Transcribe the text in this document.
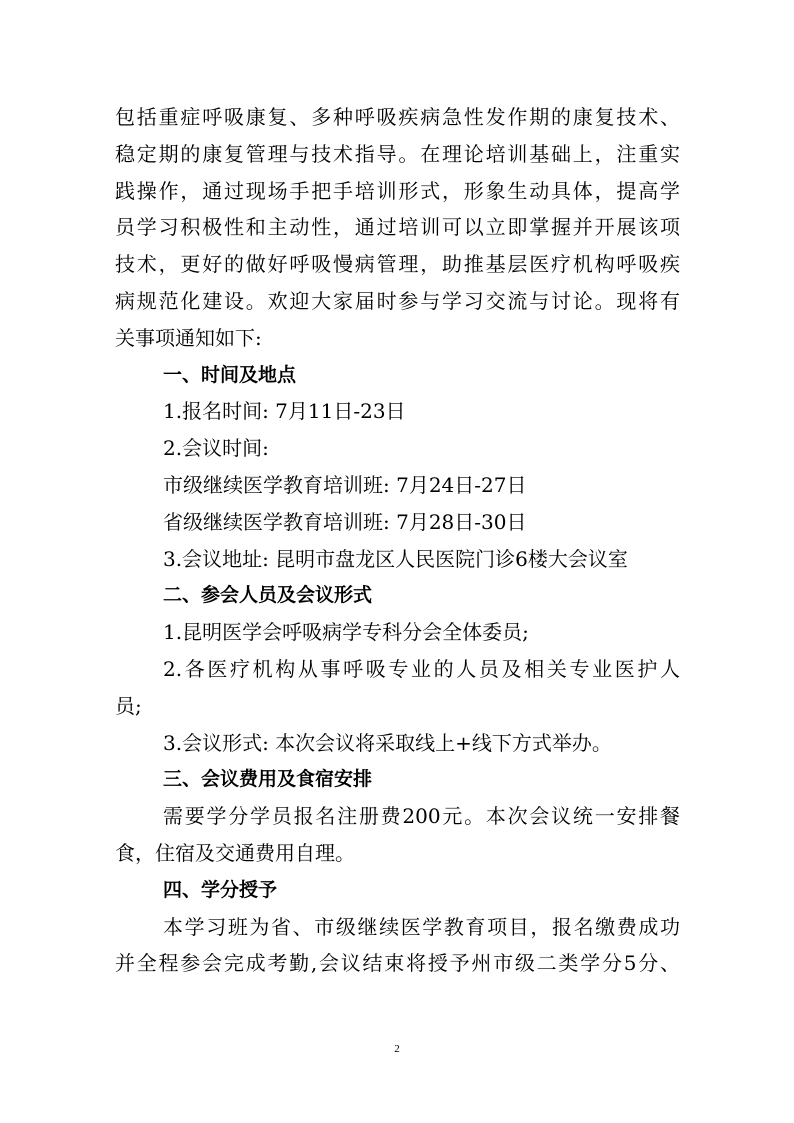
包括重症呼吸康复、多种呼吸疾病急性发作期的康复技术、
稳定期的康复管理与技术指导。在理论培训基础上，注重实
践操作，通过现场手把手培训形式，形象生动具体，提高学
员学习积极性和主动性，通过培训可以立即掌握并开展该项
技术，更好的做好呼吸慢病管理，助推基层医疗机构呼吸疾
病规范化建设。欢迎大家届时参与学习交流与讨论。现将有
关事项通知如下:
一、时间及地点
1.报名时间: 7月11日-23日
2.会议时间:
市级继续医学教育培训班: 7月24日-27日
省级继续医学教育培训班: 7月28日-30日
3.会议地址: 昆明市盘龙区人民医院门诊6楼大会议室
二、参会人员及会议形式
1.昆明医学会呼吸病学专科分会全体委员;
2.各医疗机构从事呼吸专业的人员及相关专业医护人
员;
3.会议形式: 本次会议将采取线上+线下方式举办。
三、会议费用及食宿安排
需要学分学员报名注册费200元。本次会议统一安排餐
食，住宿及交通费用自理。
四、学分授予
本学习班为省、市级继续医学教育项目，报名缴费成功
并全程参会完成考勤,会议结束将授予州市级二类学分5分、
2
